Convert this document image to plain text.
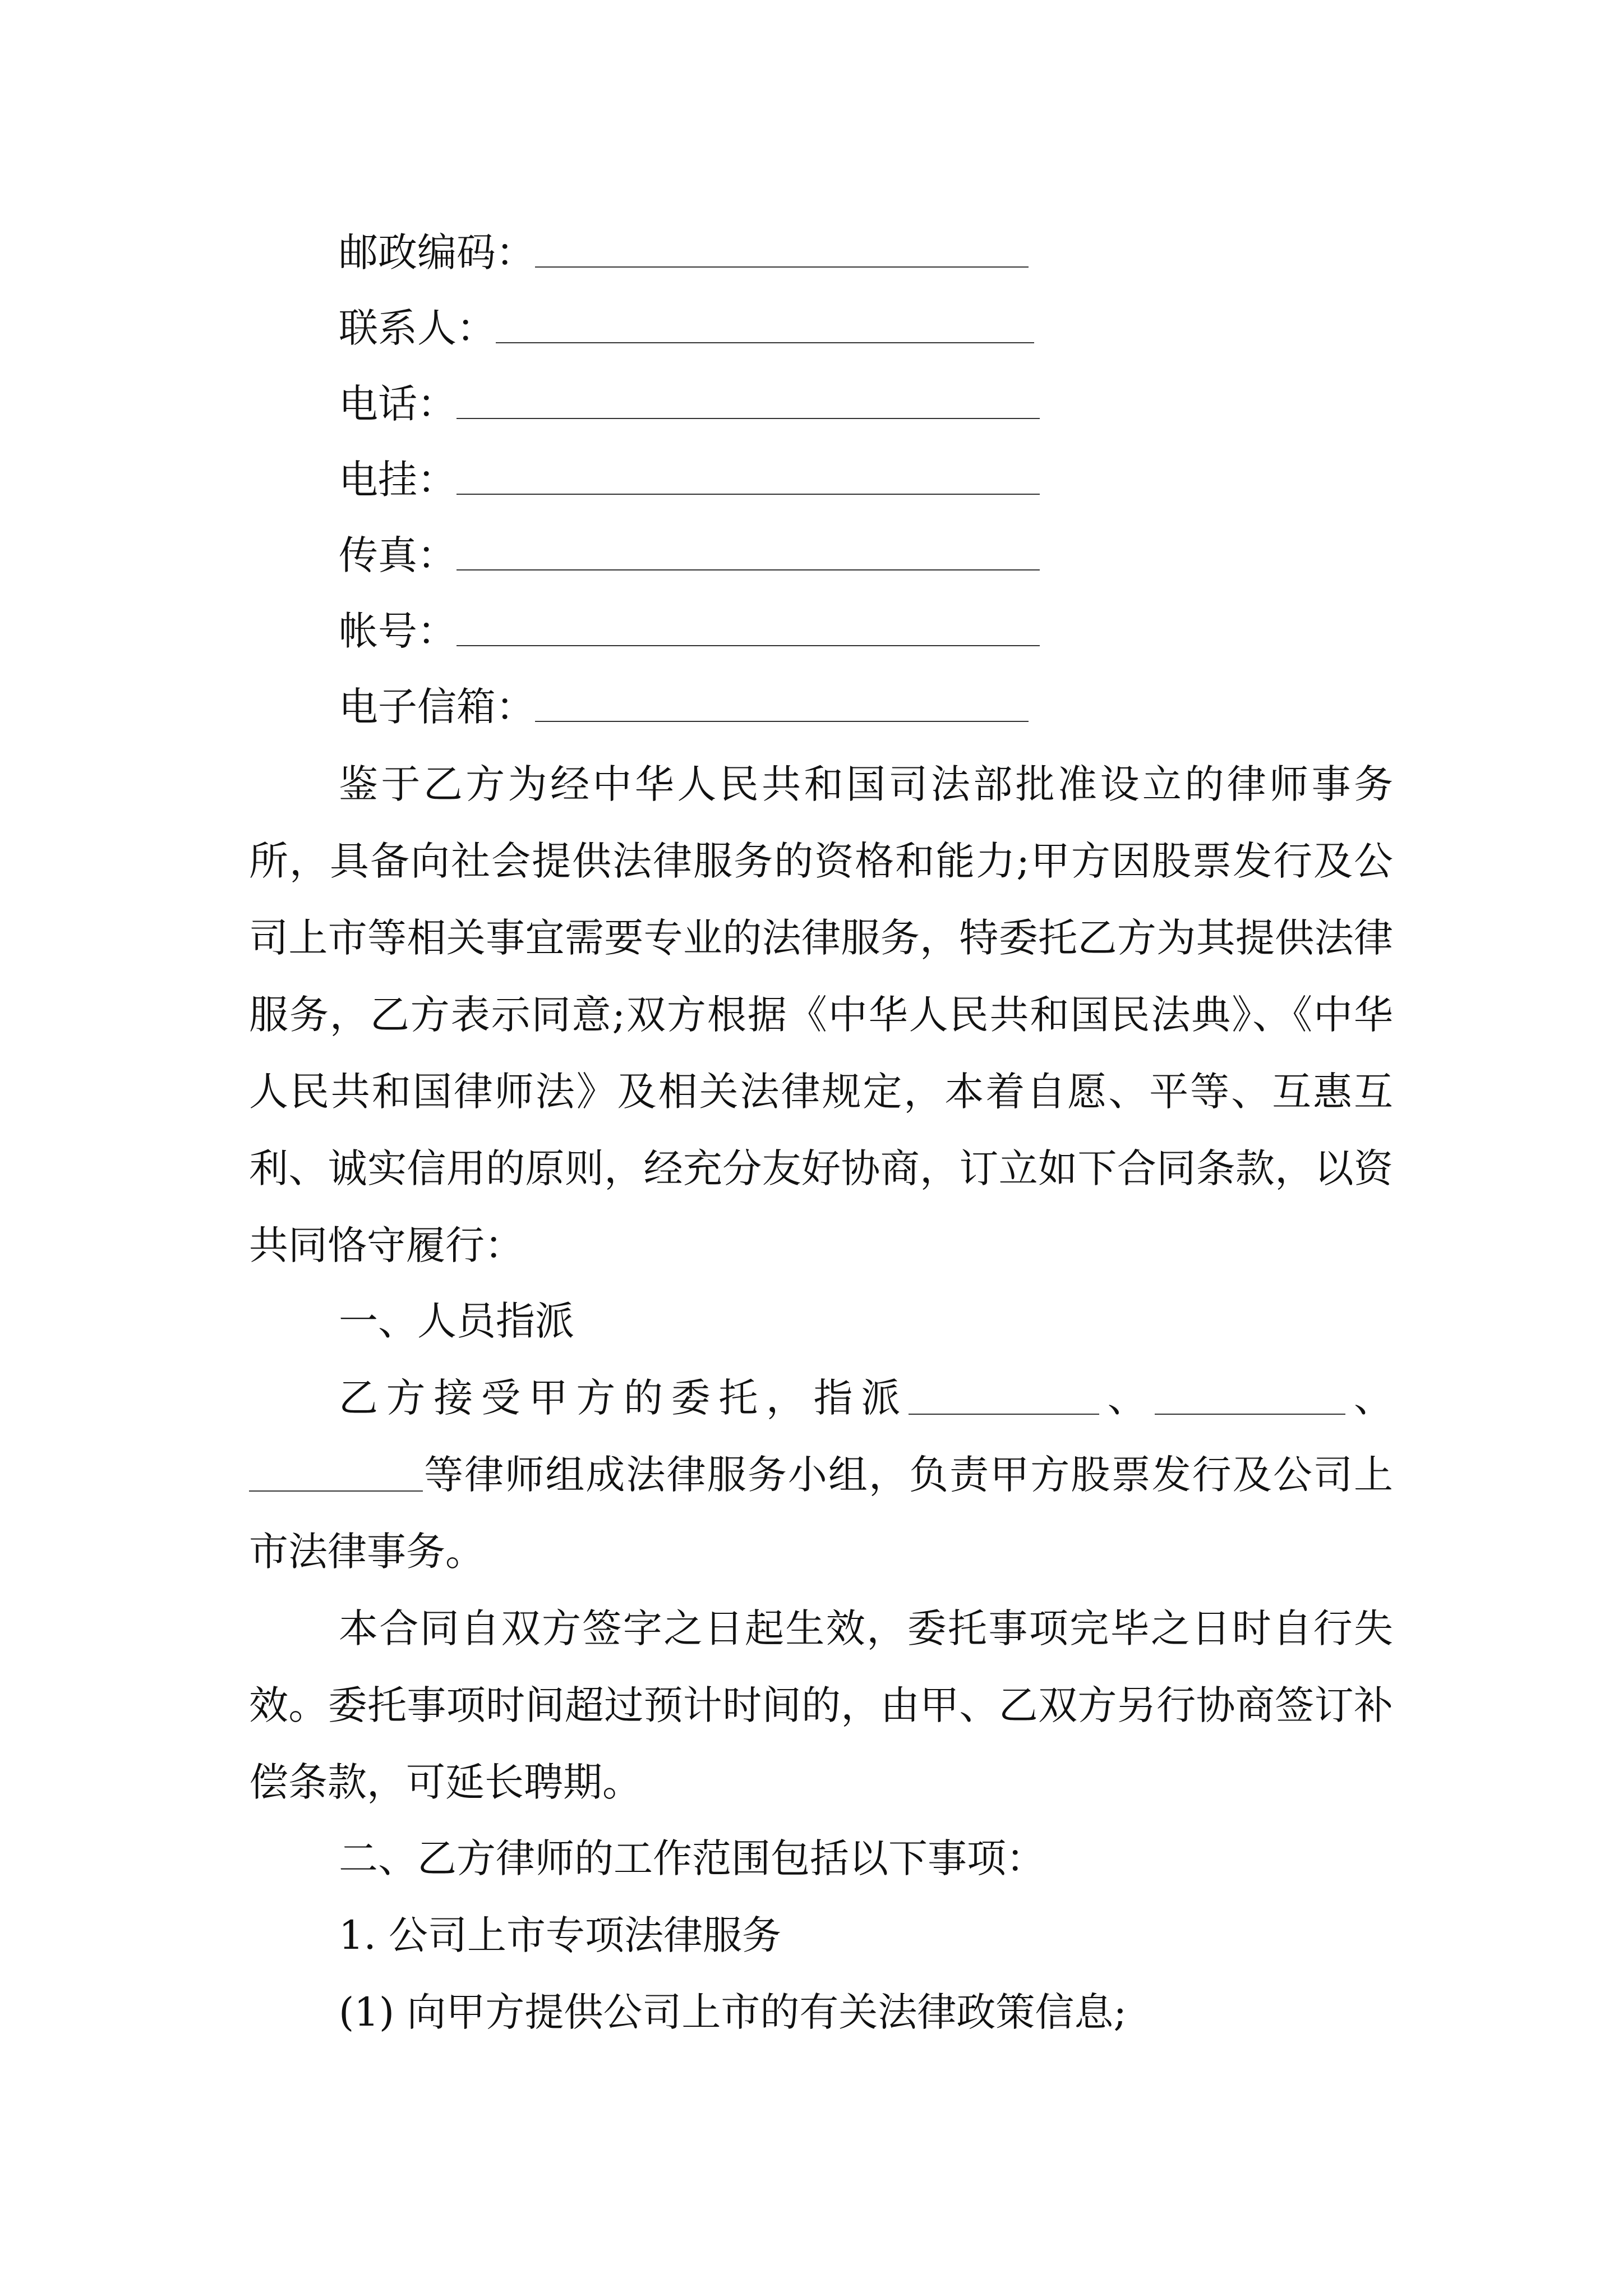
邮政编码：
联系人：
电话：
电挂：
传真：
帐号：
电子信箱：

鉴于乙方为经中华人民共和国司法部批准设立的律师事务所，具备向社会提供法律服务的资格和能力;甲方因股票发行及公司上市等相关事宜需要专业的法律服务，特委托乙方为其提供法律服务，乙方表示同意;双方根据《中华人民共和国民法典》、《中华人民共和国律师法》及相关法律规定，本着自愿、平等、互惠互利、诚实信用的原则，经充分友好协商，订立如下合同条款，以资共同恪守履行：

一、人员指派

乙方接受甲方的委托，指派	、	、等律师组成法律服务小组，负责甲方股票发行及公司上市法律事务。

本合同自双方签字之日起生效，委托事项完毕之日时自行失效。委托事项时间超过预计时间的，由甲、乙双方另行协商签订补偿条款，可延长聘期。

二、乙方律师的工作范围包括以下事项：

1. 公司上市专项法律服务

(1) 向甲方提供公司上市的有关法律政策信息;
